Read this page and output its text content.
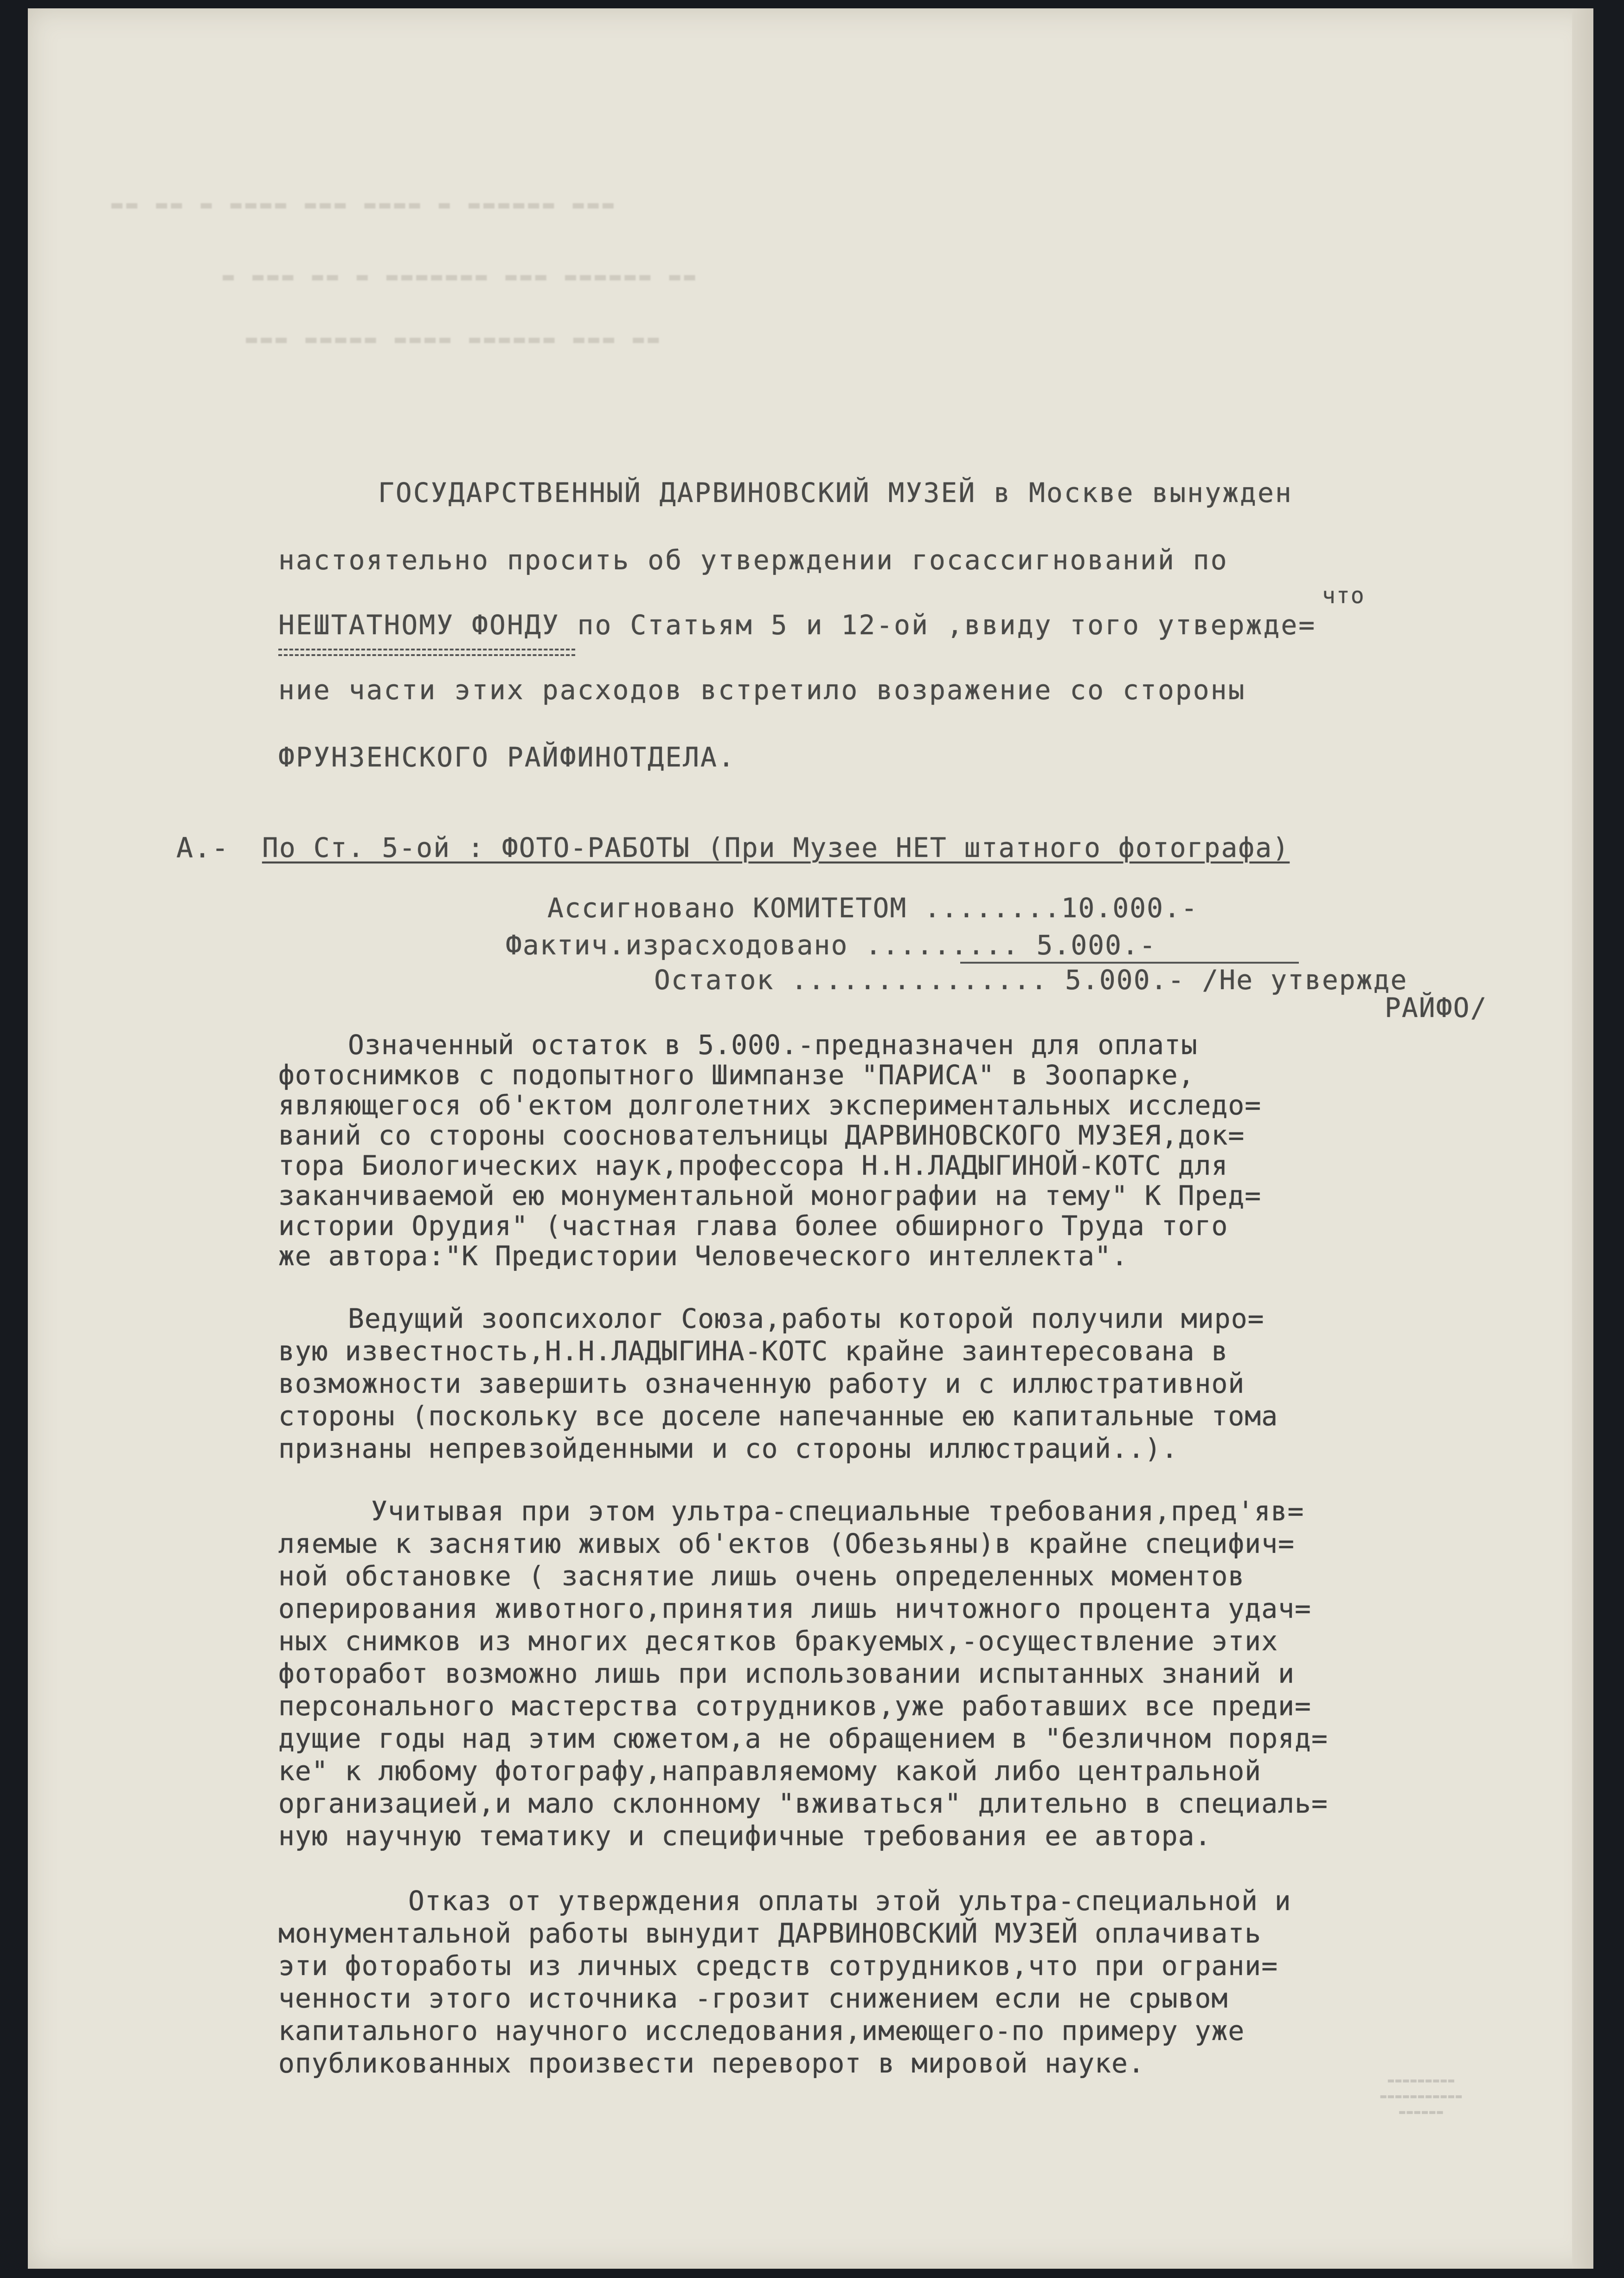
▬▬ ▬▬ ▬ ▬▬▬▬ ▬▬▬ ▬▬▬▬ ▬ ▬▬▬▬▬▬ ▬▬▬
▬ ▬▬▬ ▬▬ ▬ ▬▬▬▬▬▬▬ ▬▬▬ ▬▬▬▬▬▬ ▬▬
▬▬▬ ▬▬▬▬▬ ▬▬▬▬ ▬▬▬▬▬▬ ▬▬▬ ▬▬
ГОСУДАРСТВЕННЫЙ ДАРВИНОВСКИЙ МУЗЕЙ в Москве вынужден
настоятельно просить об утверждении госассигнований по
что
НЕШТАТНОМУ ФОНДУ по Статьям 5 и 12-ой ,ввиду того утвержде=
ние части этих расходов встретило возражение со стороны
ФРУНЗЕНСКОГО РАЙФИНОТДЕЛА.
А.- По Ст. 5-ой : ФОТО-РАБОТЫ (При Музее НЕТ штатного фотографа)
Ассигновано КОМИТЕТОМ ........10.000.-
Фактич.израсходовано ......... 5.000.-
Остаток ............... 5.000.- /Не утвержде
РАЙФО/
Означенный остаток в 5.000.-предназначен для оплаты
фотоснимков с подопытного Шимпанзе "ПАРИСА" в Зоопарке,
являющегося об'ектом долголетних экспериментальных исследо=
ваний со стороны сооснователъницы ДАРВИНОВСКОГО МУЗЕЯ,док=
тора Биологических наук,профессора Н.Н.ЛАДЫГИНОЙ-КОТС для
заканчиваемой ею монументальной монографии на тему" К Пред=
истории Орудия" (частная глава более обширного Труда того
же автора:"К Предистории Человеческого интеллекта".
Ведущий зоопсихолог Союза,работы которой получили миро=
вую известность,Н.Н.ЛАДЫГИНА-КОТС крайне заинтересована в
возможности завершить означенную работу и с иллюстративной
стороны (поскольку все доселе напечанные ею капитальные тома
признаны непревзойденными и со стороны иллюстраций..).
Учитывая при этом ультра-специальные требования,пред'яв=
ляемые к заснятию живых об'ектов (Обезьяны)в крайне специфич=
ной обстановке ( заснятие лишь очень определенных моментов
оперирования животного,принятия лишь ничтожного процента удач=
ных снимков из многих десятков бракуемых,-осуществление этих
фоторабот возможно лишь при использовании испытанных знаний и
персонального мастерства сотрудников,уже работавших все преди=
дущие годы над этим сюжетом,а не обращением в "безличном поряд=
ке" к любому фотографу,направляемому какой либо центральной
организацией,и мало склонному "вживаться" длительно в специаль=
ную научную тематику и специфичные требования ее автора.
Отказ от утверждения оплаты этой ультра-специальной и
монументальной работы вынудит ДАРВИНОВСКИЙ МУЗЕЙ оплачивать
эти фотоработы из личных средств сотрудников,что при ограни=
ченности этого источника -грозит снижением если не срывом
капитального научного исследования,имеющего-по примеру уже
опубликованных произвести переворот в мировой науке.
▬▬▬▬▬▬▬▬▬
▬▬▬▬▬▬▬▬▬▬▬
▬▬▬▬▬▬
